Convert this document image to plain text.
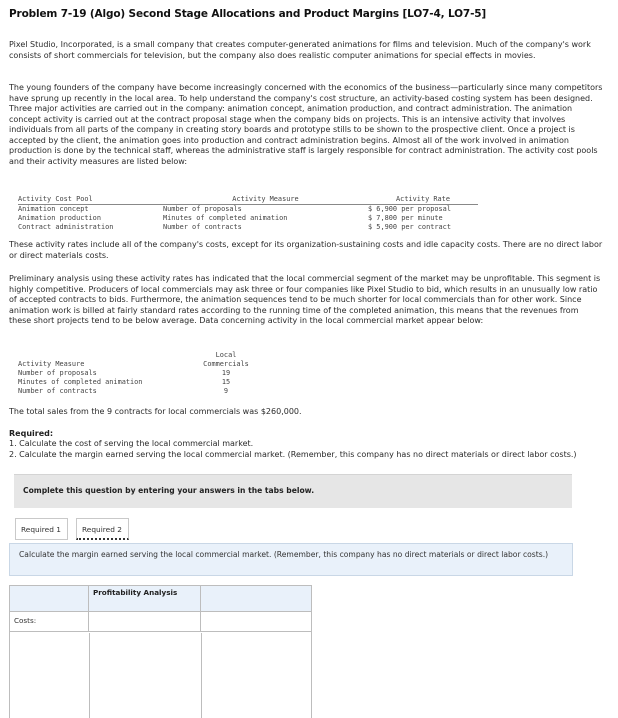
Problem 7-19 (Algo) Second Stage Allocations and Product Margins [LO7-4, LO7-5]

Pixel Studio, Incorporated, is a small company that creates computer-generated animations for films and television. Much of the company's work consists of short commercials for television, but the company also does realistic computer animations for special effects in movies.

The young founders of the company have become increasingly concerned with the economics of the business—particularly since many competitors have sprung up recently in the local area. To help understand the company's cost structure, an activity-based costing system has been designed. Three major activities are carried out in the company: animation concept, animation production, and contract administration. The animation concept activity is carried out at the contract proposal stage when the company bids on projects. This is an intensive activity that involves individuals from all parts of the company in creating story boards and prototype stills to be shown to the prospective client. Once a project is accepted by the client, the animation goes into production and contract administration begins. Almost all of the work involved in animation production is done by the technical staff, whereas the administrative staff is largely responsible for contract administration. The activity cost pools and their activity measures are listed below:

Activity Cost Pool	Activity Measure	Activity Rate
Animation concept	Number of proposals	$ 6,900 per proposal
Animation production	Minutes of completed animation	$ 7,800 per minute
Contract administration	Number of contracts	$ 5,900 per contract

These activity rates include all of the company's costs, except for its organization-sustaining costs and idle capacity costs. There are no direct labor or direct materials costs.

Preliminary analysis using these activity rates has indicated that the local commercial segment of the market may be unprofitable. This segment is highly competitive. Producers of local commercials may ask three or four companies like Pixel Studio to bid, which results in an unusually low ratio of accepted contracts to bids. Furthermore, the animation sequences tend to be much shorter for local commercials than for other work. Since animation work is billed at fairly standard rates according to the running time of the completed animation, this means that the revenues from these short projects tend to be below average. Data concerning activity in the local commercial market appear below:

	Local
Activity Measure	Commercials
Number of proposals	19
Minutes of completed animation	15
Number of contracts	9

The total sales from the 9 contracts for local commercials was $260,000.

Required:

1. Calculate the cost of serving the local commercial market.

2. Calculate the margin earned serving the local commercial market. (Remember, this company has no direct materials or direct labor costs.)

Complete this question by entering your answers in the tabs below.
Required 1	Required 2
Calculate the margin earned serving the local commercial market. (Remember, this company has no direct materials or direct labor costs.)
Profitability Analysis
Costs:
